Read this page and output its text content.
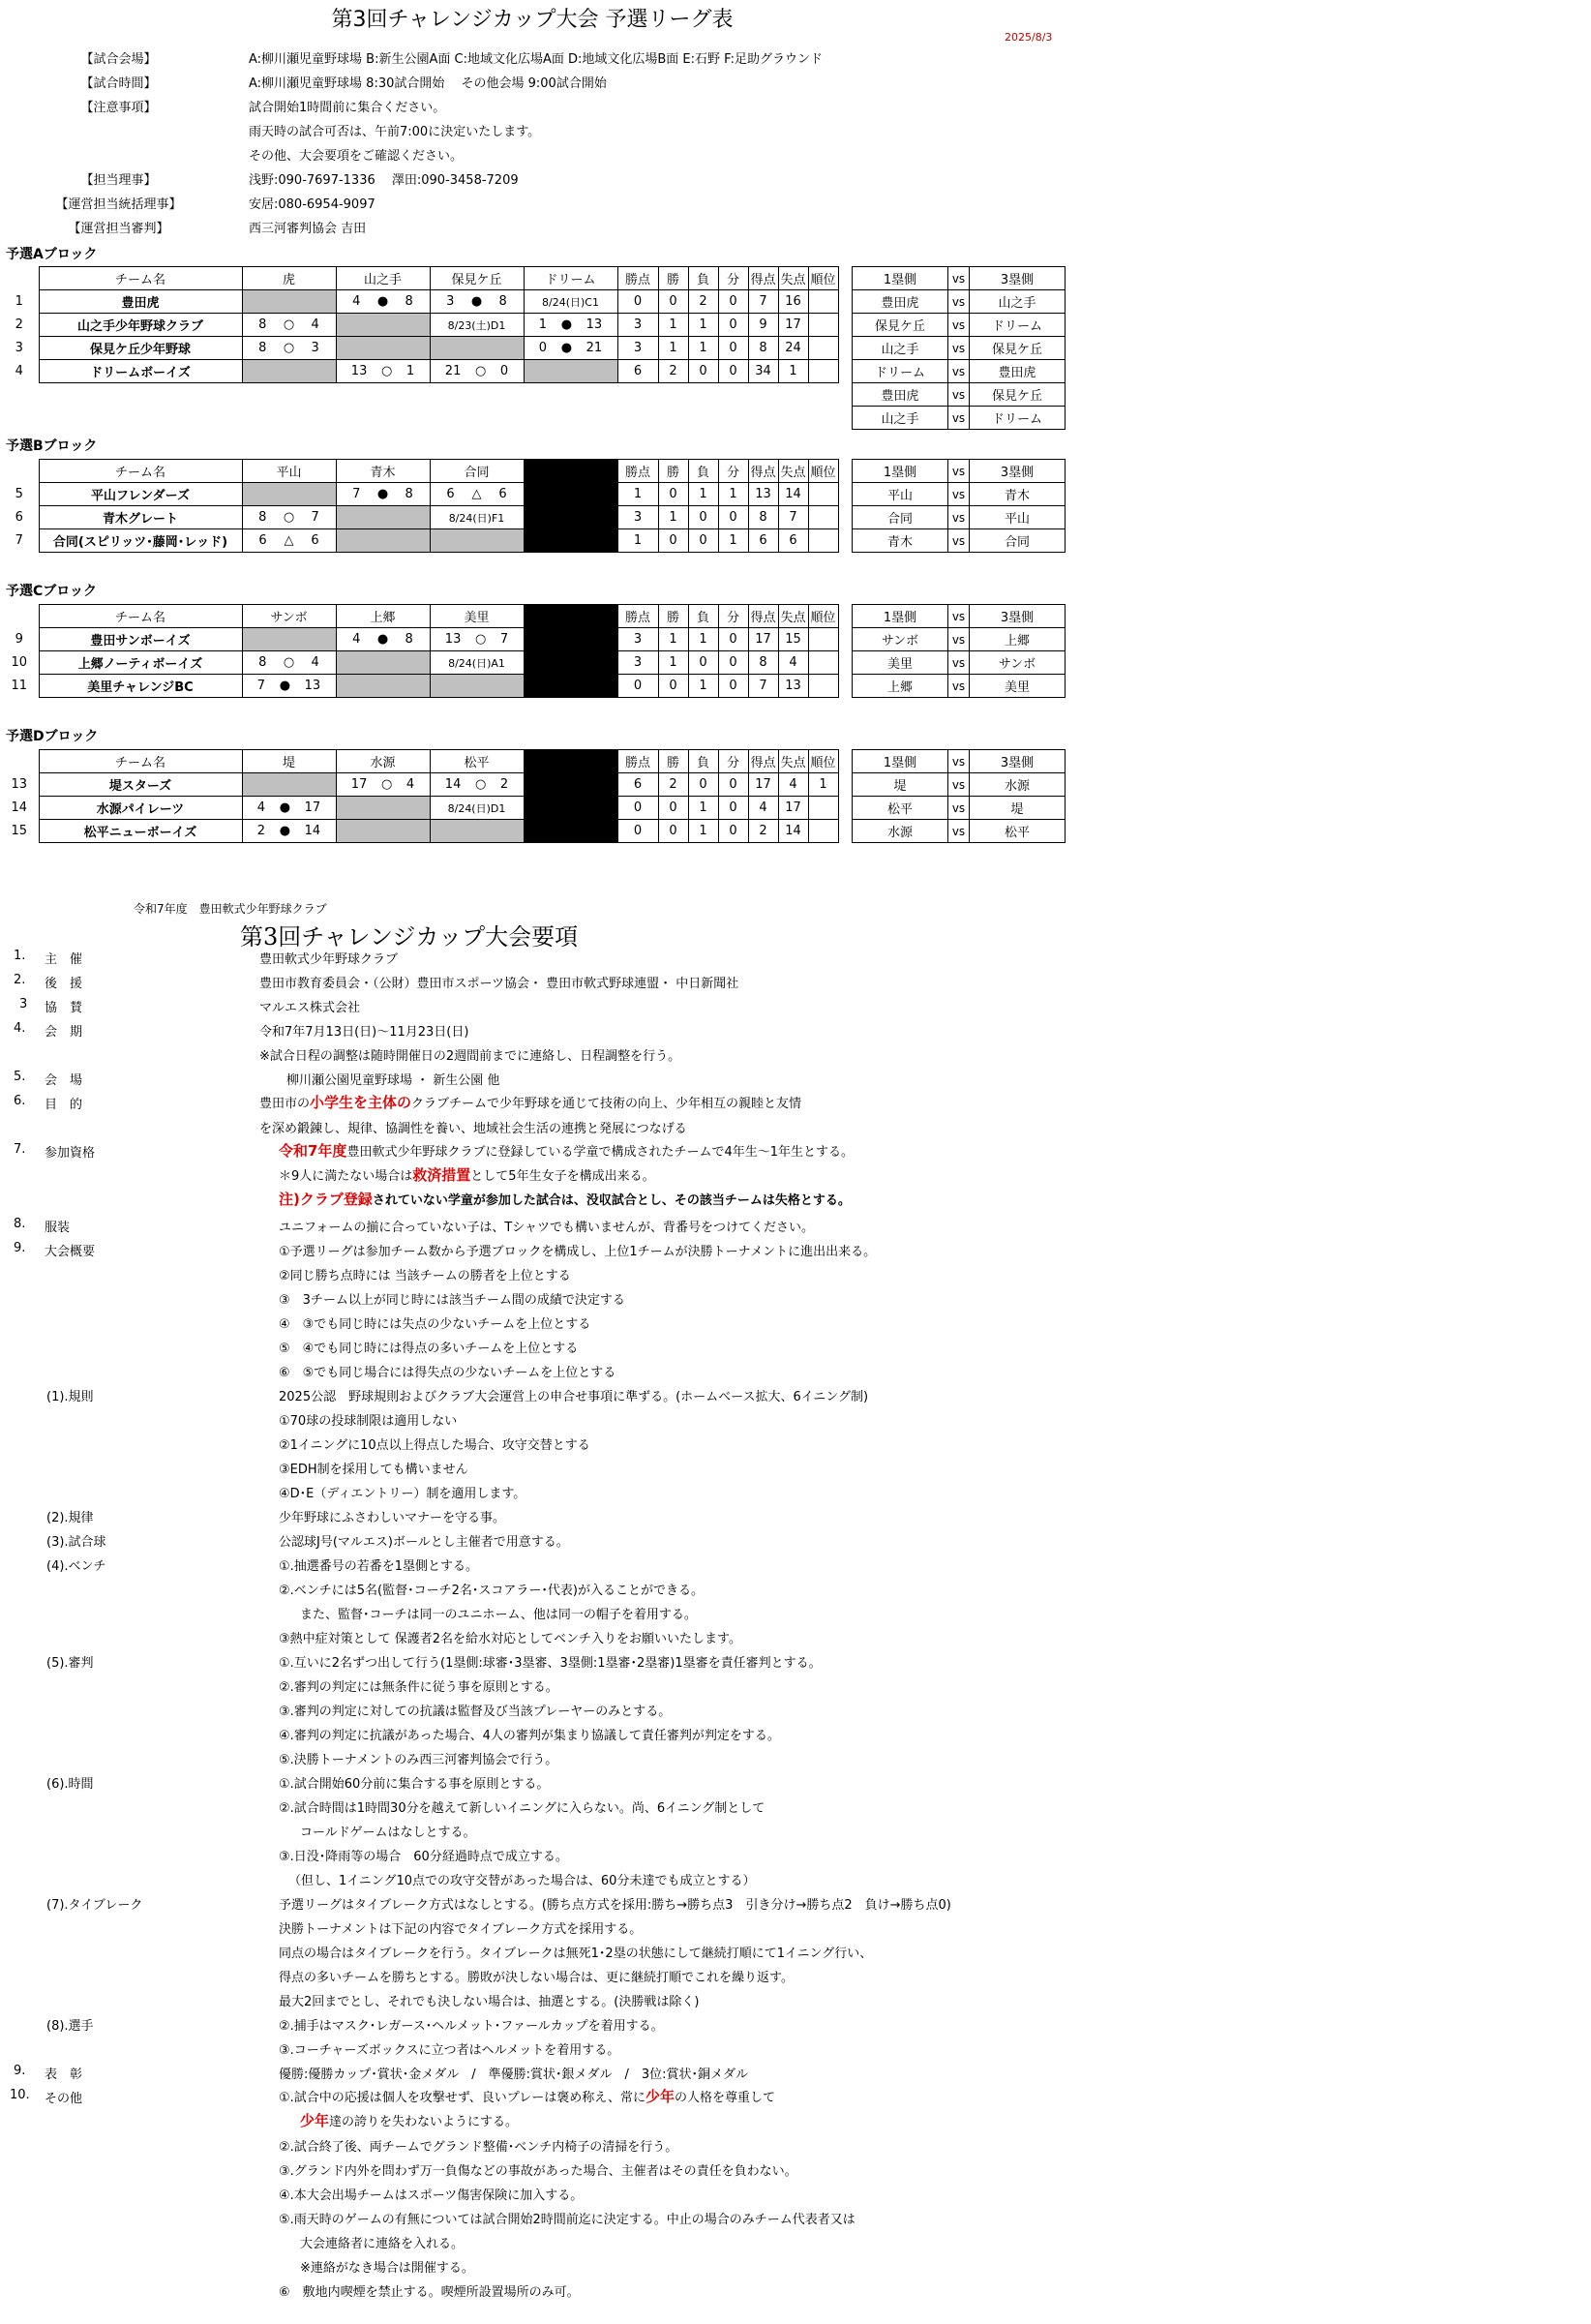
第3回チャレンジカップ大会 予選リーグ表
2025/8/3
【試合会場】	A:柳川瀬児童野球場 B:新生公園A面 C:地域文化広場A面 D:地域文化広場B面 E:石野 F:足助グラウンド
【試合時間】	A:柳川瀬児童野球場 8:30試合開始　 その他会場 9:00試合開始
【注意事項】	試合開始1時間前に集合ください。
雨天時の試合可否は、午前7:00に決定いたします。
その他、大会要項をご確認ください。
【担当理事】	浅野:090-7697-1336　 澤田:090-3458-7209
【運営担当統括理事】	安居:080-6954-9097
【運営担当審判】	西三河審判協会 吉田
予選Aブロック
	チーム名	虎	山之手	保見ケ丘	ドリーム	勝点	勝	負	分	得点	失点	順位
1	豊田虎		4 ● 8	3 ● 8	8/24(日)C1	0	0	2	0	7	16	
2	山之手少年野球クラブ	8 ○ 4		8/23(土)D1	1 ● 13	3	1	1	0	9	17	
3	保見ケ丘少年野球	8 ○ 3			0 ● 21	3	1	1	0	8	24	
4	ドリームボーイズ		13 ○ 1	21 ○ 0		6	2	0	0	34	1	
1塁側	vs	3塁側
豊田虎	vs	山之手
保見ケ丘	vs	ドリーム
山之手	vs	保見ケ丘
ドリーム	vs	豊田虎
豊田虎	vs	保見ケ丘
山之手	vs	ドリーム
予選Bブロック
	チーム名	平山	青木	合同		勝点	勝	負	分	得点	失点	順位
5	平山フレンダーズ		7 ● 8	6 △ 6		1	0	1	1	13	14	
6	青木グレート	8 ○ 7		8/24(日)F1		3	1	0	0	8	7	
7	合同(スピリッツ･藤岡･レッド)	6 △ 6				1	0	0	1	6	6	
1塁側	vs	3塁側
平山	vs	青木
合同	vs	平山
青木	vs	合同
予選Cブロック
	チーム名	サンボ	上郷	美里		勝点	勝	負	分	得点	失点	順位
9	豊田サンボーイズ		4 ● 8	13 ○ 7		3	1	1	0	17	15	
10	上郷ノーティボーイズ	8 ○ 4		8/24(日)A1		3	1	0	0	8	4	
11	美里チャレンジBC	7 ● 13				0	0	1	0	7	13	
1塁側	vs	3塁側
サンボ	vs	上郷
美里	vs	サンボ
上郷	vs	美里
予選Dブロック
	チーム名	堤	水源	松平		勝点	勝	負	分	得点	失点	順位
13	堤スターズ		17 ○ 4	14 ○ 2		6	2	0	0	17	4	1
14	水源パイレーツ	4 ● 17		8/24(日)D1		0	0	1	0	4	17	
15	松平ニューボーイズ	2 ● 14				0	0	1	0	2	14	
1塁側	vs	3塁側
堤	vs	水源
松平	vs	堤
水源	vs	松平
令和7年度　豊田軟式少年野球クラブ
第3回チャレンジカップ大会要項
1. 主　催	豊田軟式少年野球クラブ
2. 後　援	豊田市教育委員会・（公財）豊田市スポーツ協会・ 豊田市軟式野球連盟・ 中日新聞社
3 協　賛	マルエス株式会社
4. 会　期	令和7年7月13日(日)～11月23日(日)
※試合日程の調整は随時開催日の2週間前までに連絡し、日程調整を行う。
5. 会　場	柳川瀬公園児童野球場 ・ 新生公園 他
6. 目　的	豊田市の小学生を主体のクラブチームで少年野球を通じて技術の向上、少年相互の親睦と友情
を深め鍛錬し、規律、協調性を養い、地域社会生活の連携と発展につなげる
7. 参加資格	令和7年度豊田軟式少年野球クラブに登録している学童で構成されたチームで4年生～1年生とする。
＊9人に満たない場合は救済措置として5年生女子を構成出来る。
注)クラブ登録されていない学童が参加した試合は、没収試合とし、その該当チームは失格とする。
8. 服装	ユニフォームの揃に合っていない子は、Tシャツでも構いませんが、背番号をつけてください。
9. 大会概要	①予選リーグは参加チーム数から予選ブロックを構成し、上位1チームが決勝トーナメントに進出出来る。
②同じ勝ち点時には 当該チームの勝者を上位とする
③　3チーム以上が同じ時には該当チーム間の成績で決定する
④　③でも同じ時には失点の少ないチームを上位とする
⑤　④でも同じ時には得点の多いチームを上位とする
⑥　⑤でも同じ場合には得失点の少ないチームを上位とする
(1).規則	2025公認　野球規則およびクラブ大会運営上の申合せ事項に準ずる。(ホームベース拡大、6イニング制)
①70球の投球制限は適用しない
②1イニングに10点以上得点した場合、攻守交替とする
③EDH制を採用しても構いません
④D･E（ディエントリー）制を適用します。
(2).規律	少年野球にふさわしいマナーを守る事。
(3).試合球	公認球J号(マルエス)ボールとし主催者で用意する。
(4).ベンチ	①.抽選番号の若番を1塁側とする。
②.ベンチには5名(監督･コーチ2名･スコアラー･代表)が入ることができる。
また、監督･コーチは同一のユニホーム、他は同一の帽子を着用する。
③熱中症対策として 保護者2名を給水対応としてベンチ入りをお願いいたします。
(5).審判	①.互いに2名ずつ出して行う(1塁側:球審･3塁審、3塁側:1塁審･2塁審)1塁審を責任審判とする。
②.審判の判定には無条件に従う事を原則とする。
③.審判の判定に対しての抗議は監督及び当該プレーヤーのみとする。
④.審判の判定に抗議があった場合、4人の審判が集まり協議して責任審判が判定をする。
⑤.決勝トーナメントのみ西三河審判協会で行う。
(6).時間	①.試合開始60分前に集合する事を原則とする。
②.試合時間は1時間30分を越えて新しいイニングに入らない。尚、6イニング制として
コールドゲームはなしとする。
③.日没･降雨等の場合　60分経過時点で成立する。
（但し、1イニング10点での攻守交替があった場合は、60分未達でも成立とする）
(7).タイブレーク	予選リーグはタイブレーク方式はなしとする。(勝ち点方式を採用:勝ち→勝ち点3　引き分け→勝ち点2　負け→勝ち点0)
決勝トーナメントは下記の内容でタイブレーク方式を採用する。
同点の場合はタイブレークを行う。タイブレークは無死1･2塁の状態にして継続打順にて1イニング行い、
得点の多いチームを勝ちとする。勝敗が決しない場合は、更に継続打順でこれを繰り返す。
最大2回までとし、それでも決しない場合は、抽選とする。(決勝戦は除く)
(8).選手	②.捕手はマスク･レガース･ヘルメット･ファールカップを着用する。
③.コーチャーズボックスに立つ者はヘルメットを着用する。
9. 表　彰	優勝:優勝カップ･賞状･金メダル　/　準優勝:賞状･銀メダル　/　3位:賞状･銅メダル
10. その他	①.試合中の応援は個人を攻撃せず、良いプレーは褒め称え、常に少年の人格を尊重して
少年達の誇りを失わないようにする。
②.試合終了後、両チームでグランド整備･ベンチ内椅子の清掃を行う。
③.グランド内外を問わず万一負傷などの事故があった場合、主催者はその責任を負わない。
④.本大会出場チームはスポーツ傷害保険に加入する。
⑤.雨天時のゲームの有無については試合開始2時間前迄に決定する。中止の場合のみチーム代表者又は
大会連絡者に連絡を入れる。
※連絡がなき場合は開催する。
⑥　敷地内喫煙を禁止する。喫煙所設置場所のみ可。
